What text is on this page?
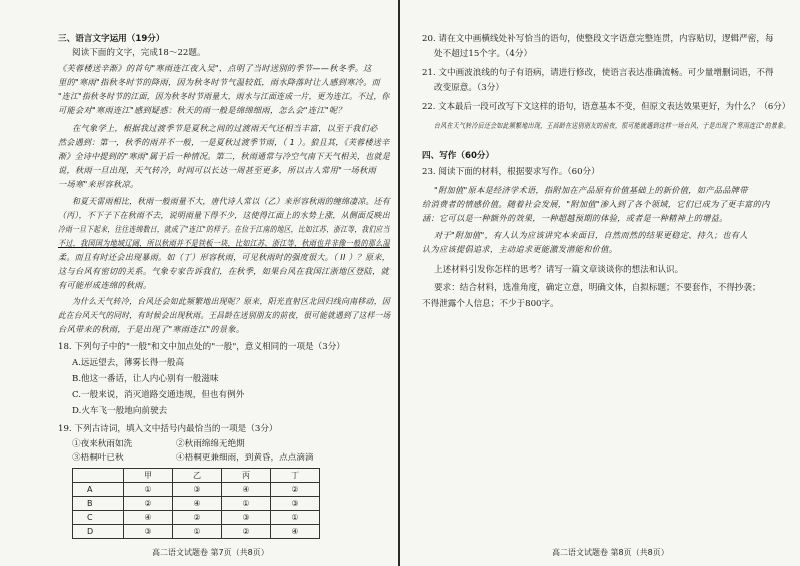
三、语言文字运用（19分）
阅读下面的文字，完成18～22题。
《芙蓉楼送辛渐》的首句"寒雨连江夜入吴"，点明了当时送别的季节——秋冬季。这
里的"寒雨"指秋冬时节的降雨，因为秋冬时节气温较低，雨水降落时让人感到寒冷。而
"连江"指秋冬时节的江面，因为秋冬时节雨量大，雨水与江面连成一片，更为连江。不过，你
可能会对"寒雨连江"感到疑惑：秋天的雨一般是绵绵细雨，怎么会"连江"呢？
在气象学上，根据我过渡季节是夏秋之间的过渡雨天气还相当丰富，以至于我们必
然会遇到：第一，秋季的雨并不一般，一是夏秋过渡季节雨，（ 1 ）。狼且其，《芙蓉楼送辛
渐》全诗中提到的"寒雨"属于后一种情况。第二，秋雨通常与冷空气南下天气相关，也就是
说，秋雨一旦出现，天气转冷，时间可以长达一周甚至更多，所以古人常用"一场秋雨
一场寒"来形容秋凉。
和夏天雷雨相比，秋雨一般雨量不大，唐代诗人常以（乙）来形容秋雨的缠绵凄凉。还有
（丙），不下子下在秋雨不去，说明雨量下得不少，这使得江面上的水势上涨，从侧面反映出
冷雨一旦下起来，往往连绵数日，就成了"连江"的样子。在位于江南的地区，比如江苏、浙江等，我们应当
不过，我国国为地域辽阔，所以秋雨并不是铁板一块，比如江苏、浙江等，秋雨也并非像一般的那么温
柔。而且有时还会出现暴雨。如（丁）形容秋雨，可见秋雨时的强度很大。（ II ）？原来，
这与台风有密切的关系。气象专家告诉我们，在秋季，如果台风在我国江浙地区登陆，就
有可能形成连绵的秋雨。
为什么天气转冷，台风还会如此频繁地出现呢？原来，阳光直射区北回归线向南移动，因
此在台风天气的同时，有时候会出现秋雨。王昌龄在送别朋友的前夜，很可能就遇到了这样一场
台风带来的秋雨，于是出现了"寒雨连江"的景象。
18. 下列句子中的"一般"和文中加点处的"一般"，意义相同的一项是（3分）
A.远远望去，薄雾长得一般高
B.他这一番话，让人内心别有一般滋味
C.一般来说，消灭道路交通违规，但也有例外
D.火车飞一般地向前驶去
19. 下列古诗词，填入文中括号内最恰当的一项是（3分）
①夜来秋雨如洗	②秋雨绵绵无绝期
③梧桐叶已秋	④梧桐更兼细雨，到黄昏，点点滴滴
	甲	乙	丙	丁
A	①	③	④	②
B	②	④	①	③
C	④	②	③	①
D	③	①	②	④
高二语文试题卷 第7页（共8页）
20. 请在文中画横线处补写恰当的语句，使整段文字语意完整连贯，内容贴切，逻辑严密，每
处不超过15个字。（4分）
21. 文中画波浪线的句子有语病，请进行修改，使语言表达准确流畅。可少量增删词语，不得
改变原意。（3分）
22. 文本最后一段可改写下文这样的语句，语意基本不变，但原文表达效果更好，为什么？（6分）
台风在天气转冷后还会如此频繁地出现，王昌龄在送别朋友的前夜，很可能就遇到这样一场台风，于是出现了"寒雨连江"的景象。
四、写作（60分）
23. 阅读下面的材料，根据要求写作。（60分）
"附加值"原本是经济学术语，指附加在产品原有价值基础上的新价值，如产品品牌带
给消费者的情感价值。随着社会发展，"附加值"渗入到了各个领域，它们已成为了更丰富的内
涵：它可以是一种额外的效果，一种超越预期的体验，或者是一种精神上的增益。
对于"附加值"，有人认为应该讲究本来面目，自然而然的结果更稳定、持久；也有人
认为应该提倡追求，主动追求更能激发潜能和价值。
上述材料引发你怎样的思考？请写一篇文章谈谈你的想法和认识。
要求：结合材料，选准角度，确定立意，明确文体，自拟标题；不要套作，不得抄袭；
不得泄露个人信息；不少于800字。
高二语文试题卷 第8页（共8页）
